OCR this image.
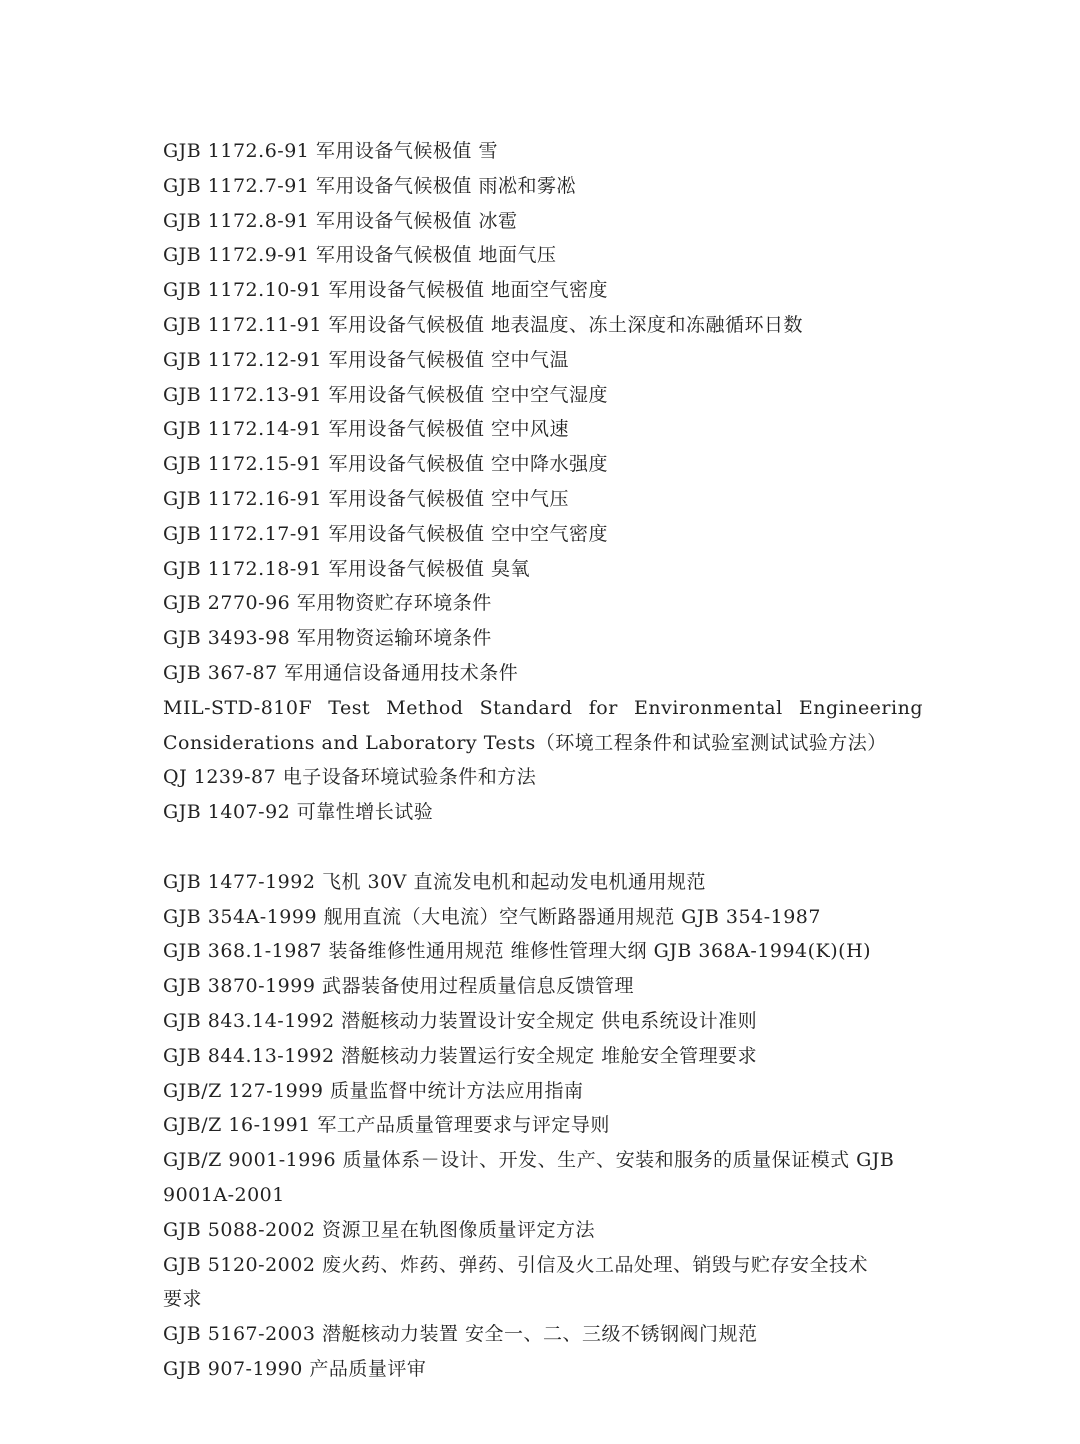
GJB 1172.6-91 军用设备气候极值 雪
GJB 1172.7-91 军用设备气候极值 雨凇和雾凇
GJB 1172.8-91 军用设备气候极值 冰雹
GJB 1172.9-91 军用设备气候极值 地面气压
GJB 1172.10-91 军用设备气候极值 地面空气密度
GJB 1172.11-91 军用设备气候极值 地表温度、冻土深度和冻融循环日数
GJB 1172.12-91 军用设备气候极值 空中气温
GJB 1172.13-91 军用设备气候极值 空中空气湿度
GJB 1172.14-91 军用设备气候极值 空中风速
GJB 1172.15-91 军用设备气候极值 空中降水强度
GJB 1172.16-91 军用设备气候极值 空中气压
GJB 1172.17-91 军用设备气候极值 空中空气密度
GJB 1172.18-91 军用设备气候极值 臭氧
GJB 2770-96 军用物资贮存环境条件
GJB 3493-98 军用物资运输环境条件
GJB 367-87 军用通信设备通用技术条件
MIL-STD-810F Test Method Standard for Environmental Engineering
Considerations and Laboratory Tests（环境工程条件和试验室测试试验方法）
QJ 1239-87 电子设备环境试验条件和方法
GJB 1407-92 可靠性增长试验
GJB 1477-1992 飞机 30V 直流发电机和起动发电机通用规范
GJB 354A-1999 舰用直流（大电流）空气断路器通用规范 GJB 354-1987
GJB 368.1-1987 装备维修性通用规范 维修性管理大纲 GJB 368A-1994(K)(H)
GJB 3870-1999 武器装备使用过程质量信息反馈管理
GJB 843.14-1992 潜艇核动力装置设计安全规定 供电系统设计准则
GJB 844.13-1992 潜艇核动力装置运行安全规定 堆舱安全管理要求
GJB/Z 127-1999 质量监督中统计方法应用指南
GJB/Z 16-1991 军工产品质量管理要求与评定导则
GJB/Z 9001-1996 质量体系－设计、开发、生产、安装和服务的质量保证模式 GJB
9001A-2001
GJB 5088-2002 资源卫星在轨图像质量评定方法
GJB 5120-2002 废火药、炸药、弹药、引信及火工品处理、销毁与贮存安全技术
要求
GJB 5167-2003 潜艇核动力装置 安全一、二、三级不锈钢阀门规范
GJB 907-1990 产品质量评审
